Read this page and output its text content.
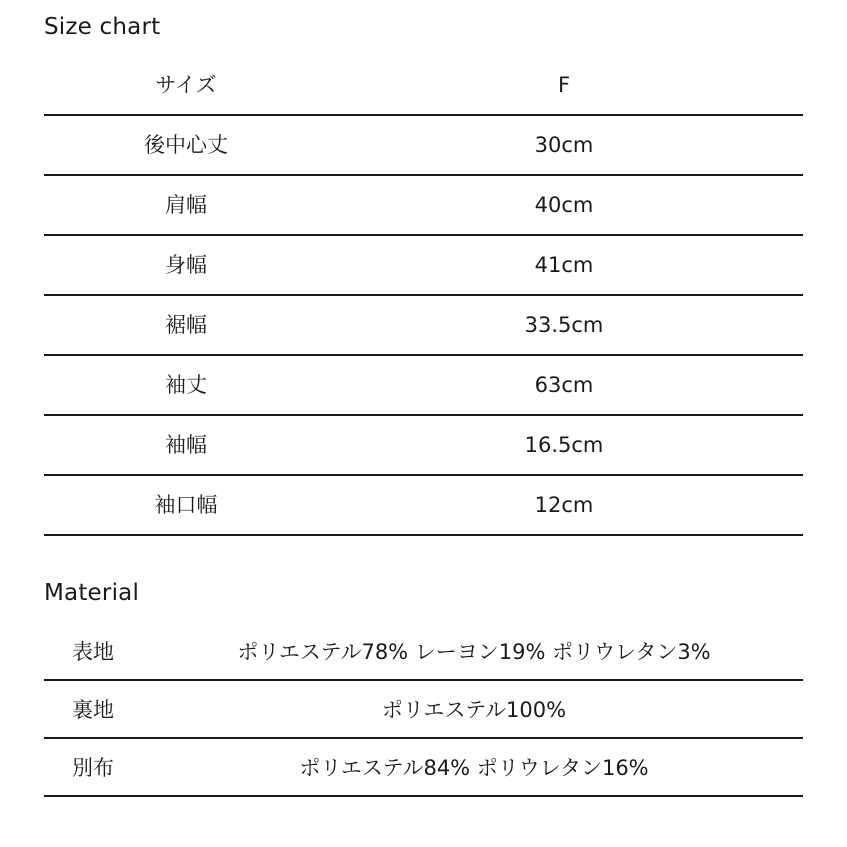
Size chart
サイズ	F
後中心丈	30cm
肩幅	40cm
身幅	41cm
裾幅	33.5cm
袖丈	63cm
袖幅	16.5cm
袖口幅	12cm
Material
表地	ポリエステル78% レーヨン19% ポリウレタン3%
裏地	ポリエステル100%
別布	ポリエステル84% ポリウレタン16%
